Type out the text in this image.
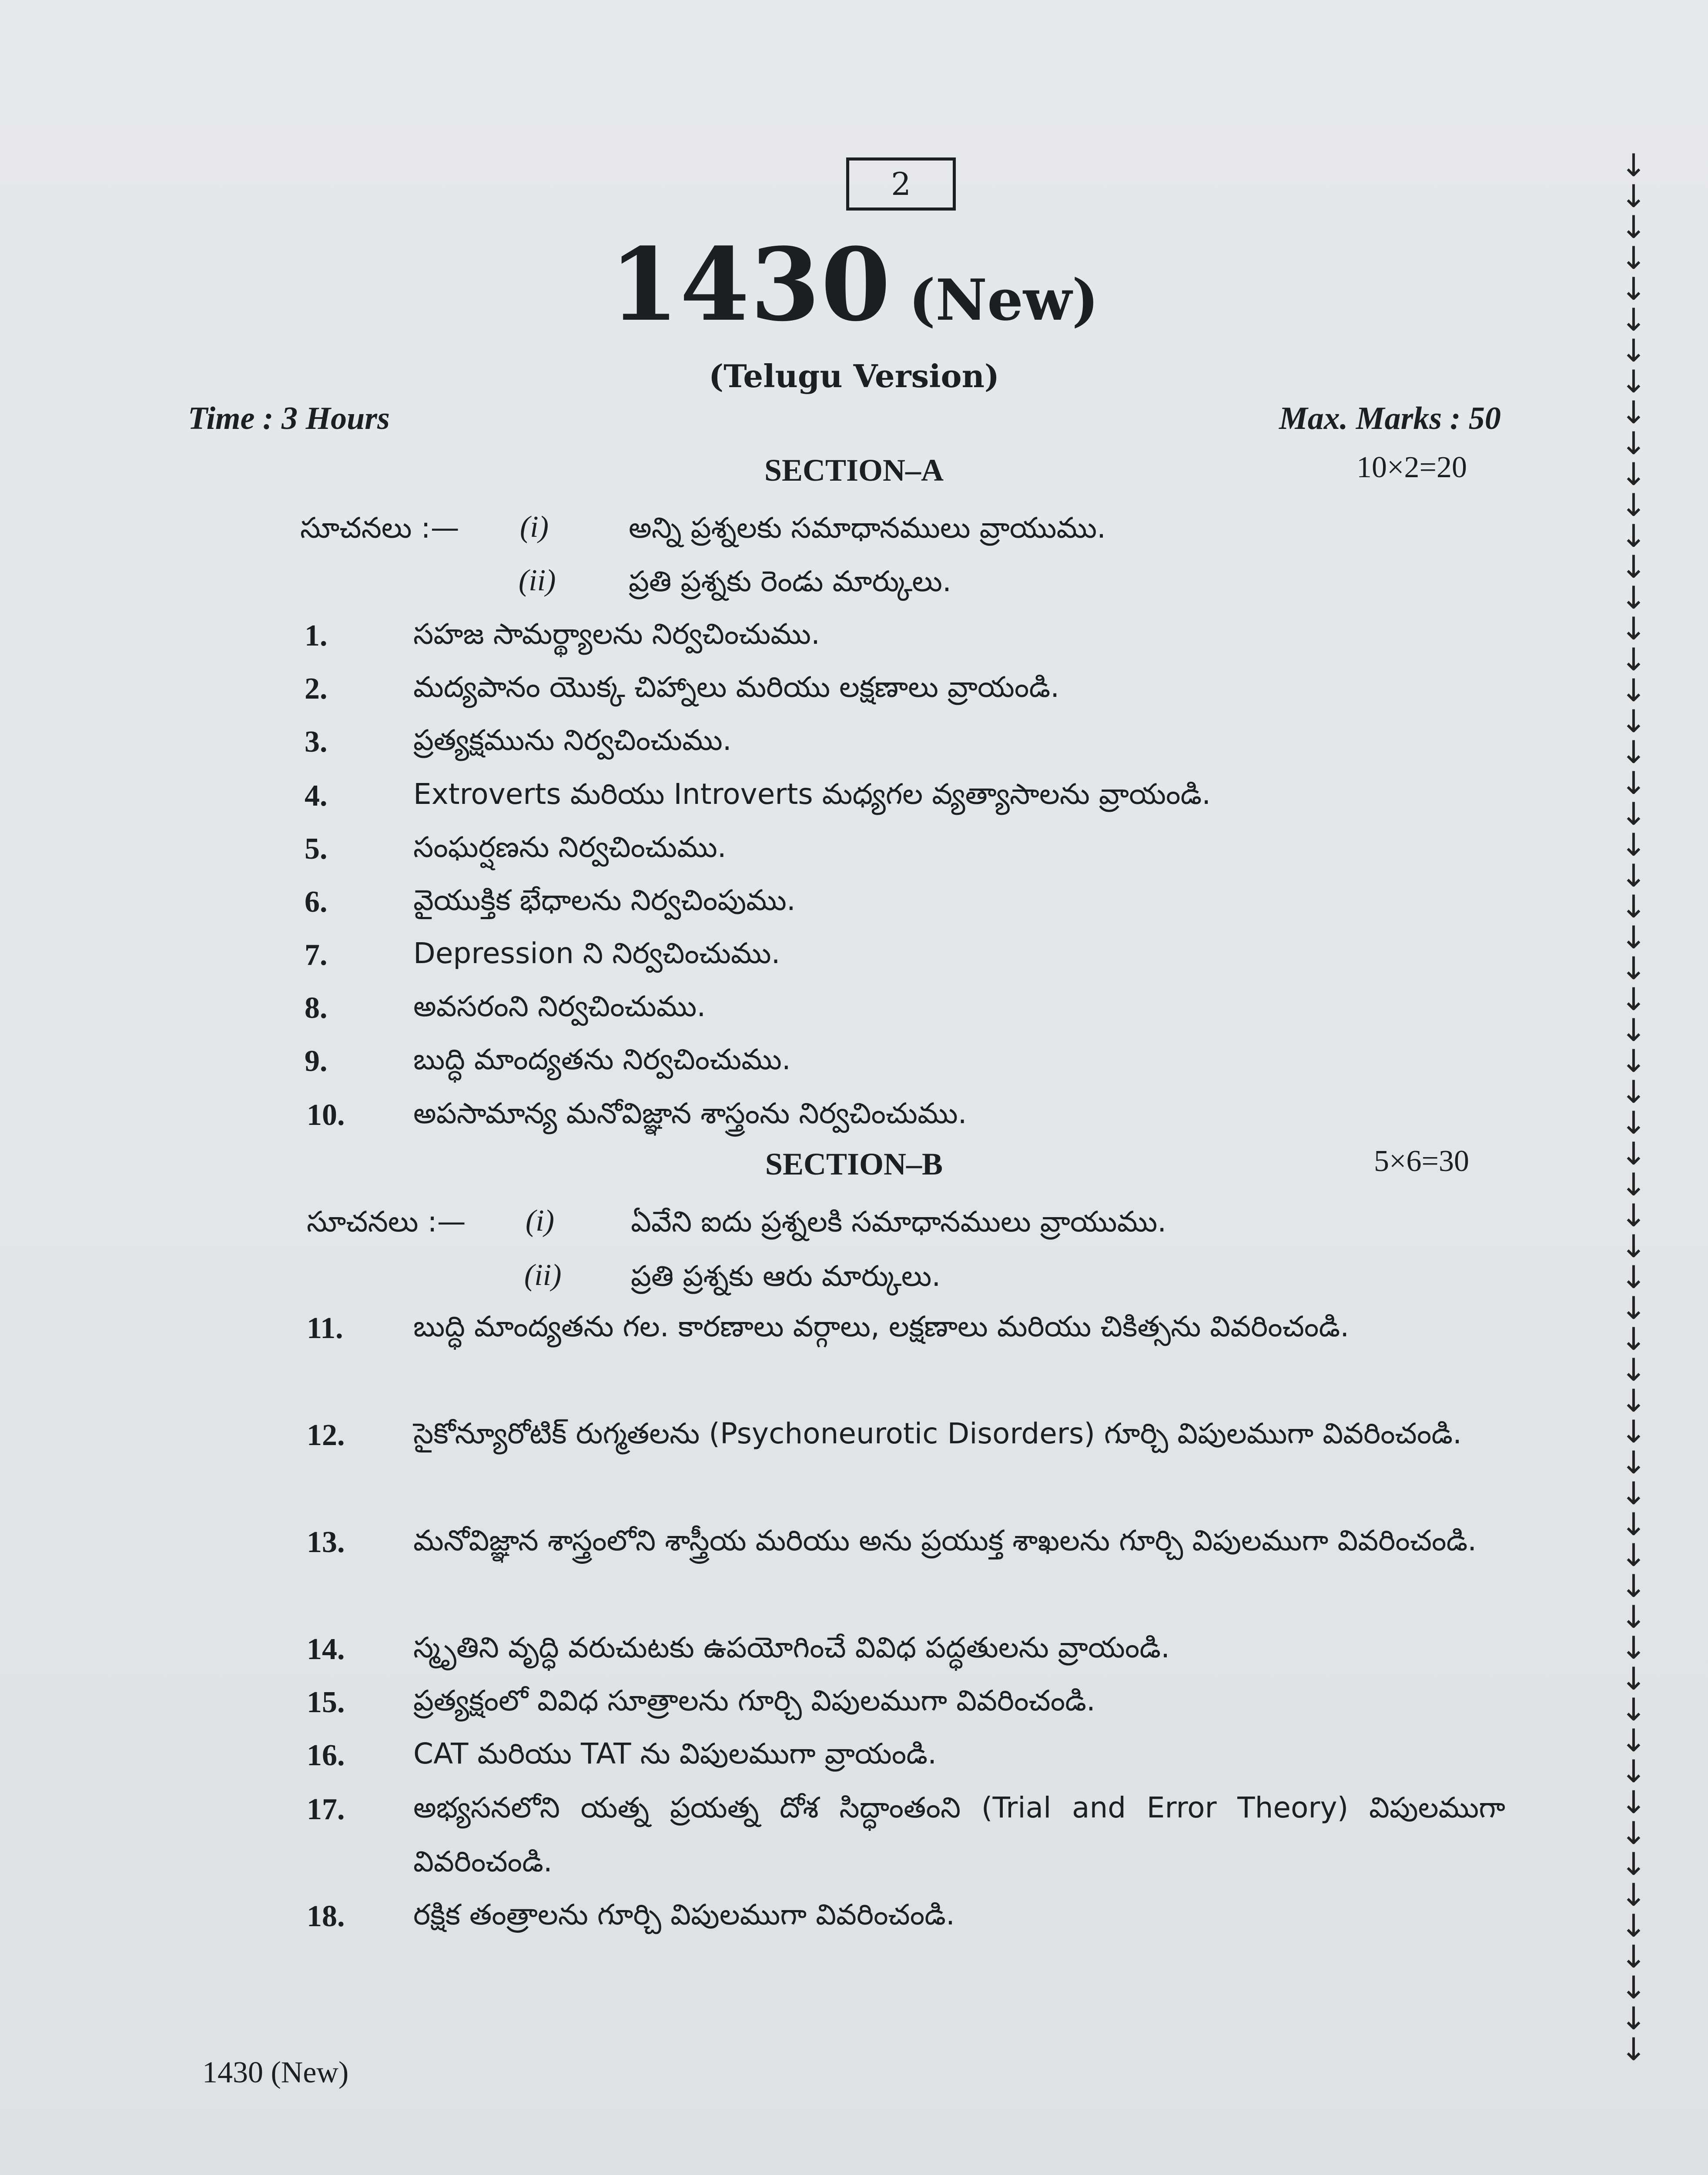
2
1430 (New)
(Telugu Version)
Time : 3 Hours	Max. Marks : 50
SECTION–A	10×2=20
సూచనలు :— (i)	అన్ని ప్రశ్నలకు సమాధానములు వ్రాయుము.
(ii)	ప్రతి ప్రశ్నకు రెండు మార్కులు.
1.	సహజ సామర్థ్యాలను నిర్వచించుము.
2.	మద్యపానం యొక్క చిహ్నాలు మరియు లక్షణాలు వ్రాయండి.
3.	ప్రత్యక్షమును నిర్వచించుము.
4.	Extroverts మరియు Introverts మధ్యగల వ్యత్యాసాలను వ్రాయండి.
5.	సంఘర్షణను నిర్వచించుము.
6.	వైయుక్తిక భేధాలను నిర్వచింపుము.
7.	Depression ని నిర్వచించుము.
8.	అవసరంని నిర్వచించుము.
9.	బుద్ధి మాంద్యతను నిర్వచించుము.
10. అపసామాన్య మనోవిజ్ఞాన శాస్త్రంను నిర్వచించుము.
SECTION–B	5×6=30
సూచనలు :— (i)	ఏవేని ఐదు ప్రశ్నలకి సమాధానములు వ్రాయుము.
(ii) ప్రతి ప్రశ్నకు ఆరు మార్కులు.
11. బుద్ధి మాంద్యతను గల. కారణాలు వర్గాలు, లక్షణాలు మరియు చికిత్సను వివరించండి.
12. సైకోన్యూరోటిక్ రుగ్మతలను (Psychoneurotic Disorders) గూర్చి విపులముగా వివరించండి.
13. మనోవిజ్ఞాన శాస్త్రంలోని శాస్త్రీయ మరియు అను ప్రయుక్త శాఖలను గూర్చి విపులముగా వివరించండి.
14. స్మృతిని వృద్ధి వరుచుటకు ఉపయోగించే వివిధ పద్ధతులను వ్రాయండి.
15. ప్రత్యక్షంలో వివిధ సూత్రాలను గూర్చి విపులముగా వివరించండి.
16. CAT మరియు TAT ను విపులముగా వ్రాయండి.
17. అభ్యసనలోని యత్న ప్రయత్న దోశ సిద్ధాంతంని (Trial and Error Theory) విపులముగా వివరించండి.
18. రక్షిక తంత్రాలను గూర్చి విపులముగా వివరించండి.
1430 (New)
↓
↓
↓
↓
↓
↓
↓
↓
↓
↓
↓
↓
↓
↓
↓
↓
↓
↓
↓
↓
↓
↓
↓
↓
↓
↓
↓
↓
↓
↓
↓
↓
↓
↓
↓
↓
↓
↓
↓
↓
↓
↓
↓
↓
↓
↓
↓
↓
↓
↓
↓
↓
↓
↓
↓
↓
↓
↓
↓
↓
↓
↓
